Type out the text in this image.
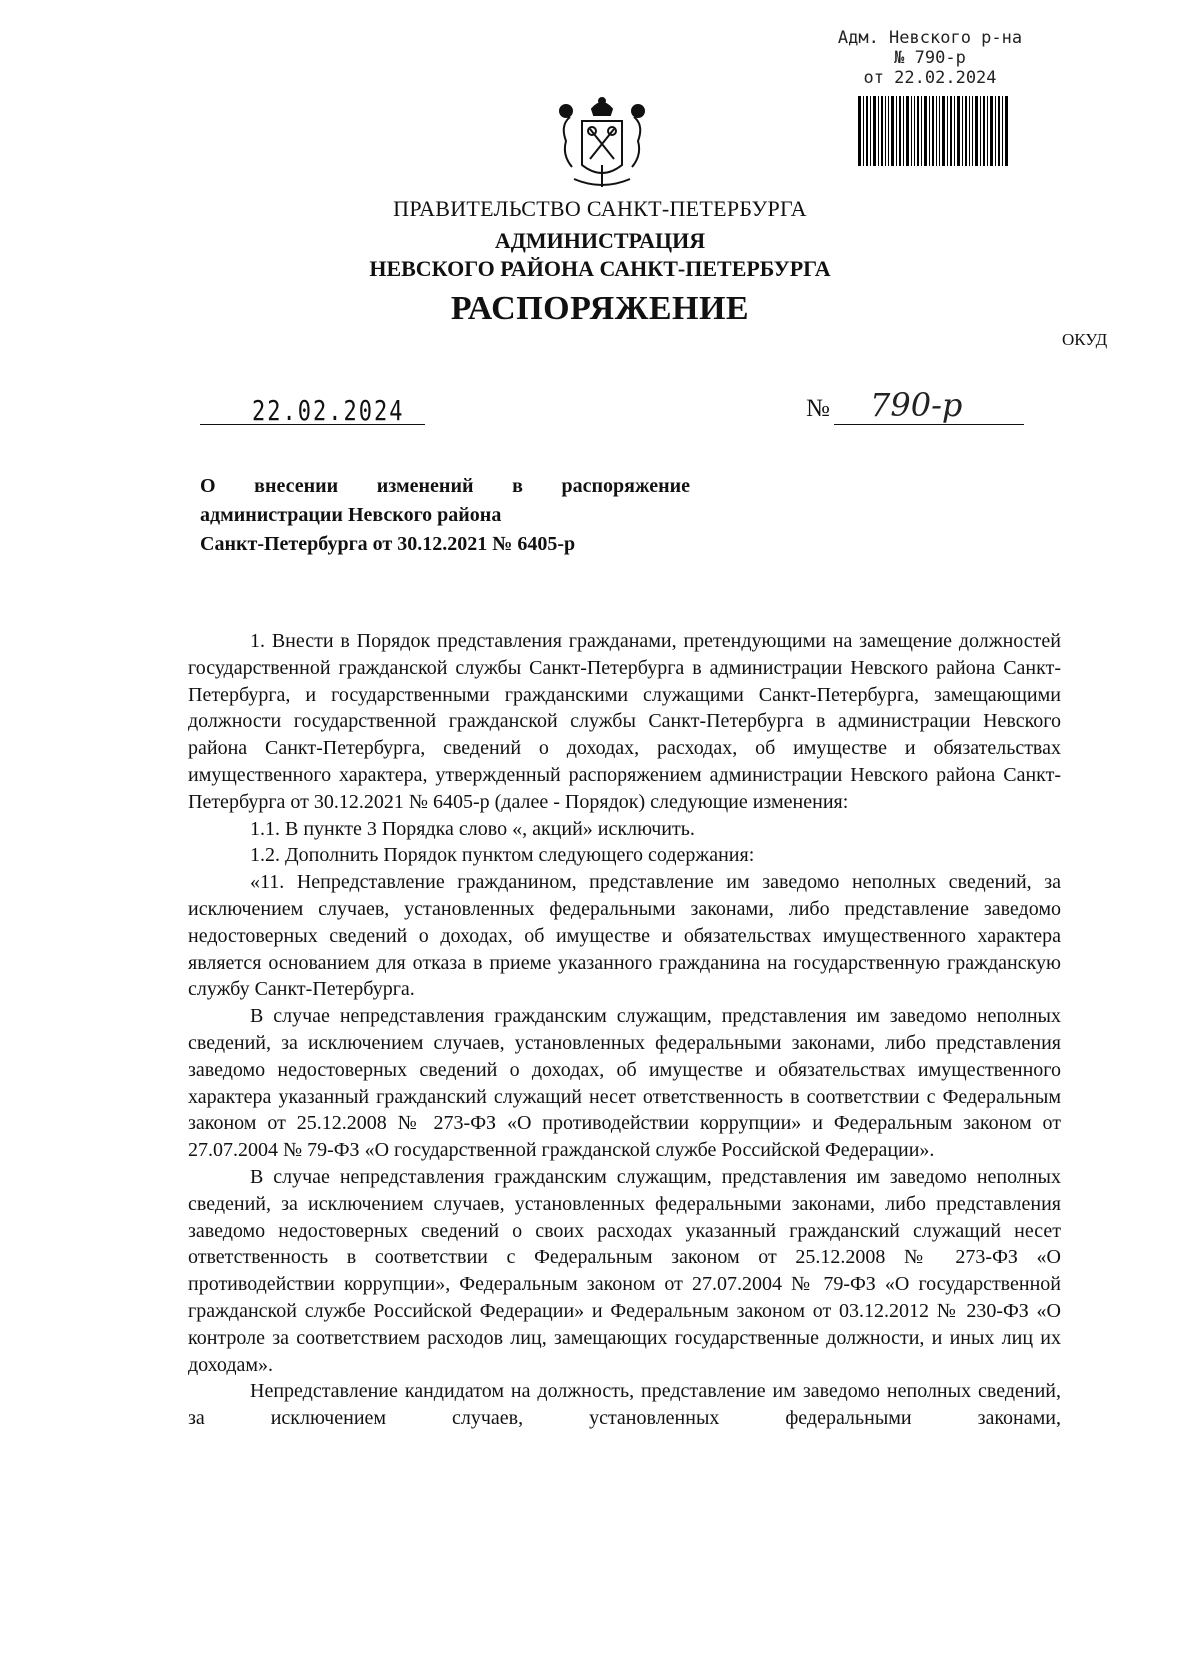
Адм. Невского р-на
№ 790-р
от 22.02.2024
ПРАВИТЕЛЬСТВО САНКТ-ПЕТЕРБУРГА
АДМИНИСТРАЦИЯ
НЕВСКОГО РАЙОНА САНКТ-ПЕТЕРБУРГА
РАСПОРЯЖЕНИЕ
ОКУД
22.02.2024	№ 790-р
О внесении изменений в распоряжение
администрации Невского района
Санкт-Петербурга от 30.12.2021 № 6405-р

1. Внести в Порядок представления гражданами, претендующими на замещение должностей государственной гражданской службы Санкт-Петербурга в администрации Невского района Санкт-Петербурга, и государственными гражданскими служащими Санкт-Петербурга, замещающими должности государственной гражданской службы Санкт-Петербурга в администрации Невского района Санкт-Петербурга, сведений о доходах, расходах, об имуществе и обязательствах имущественного характера, утвержденный распоряжением администрации Невского района Санкт-Петербурга от 30.12.2021 № 6405-р (далее - Порядок) следующие изменения:

1.1. В пункте 3 Порядка слово «, акций» исключить.

1.2. Дополнить Порядок пунктом следующего содержания:

«11. Непредставление гражданином, представление им заведомо неполных сведений, за исключением случаев, установленных федеральными законами, либо представление заведомо недостоверных сведений о доходах, об имуществе и обязательствах имущественного характера является основанием для отказа в приеме указанного гражданина на государственную гражданскую службу Санкт-Петербурга.

В случае непредставления гражданским служащим, представления им заведомо неполных сведений, за исключением случаев, установленных федеральными законами, либо представления заведомо недостоверных сведений о доходах, об имуществе и обязательствах имущественного характера указанный гражданский служащий несет ответственность в соответствии с Федеральным законом от 25.12.2008 № 273-ФЗ «О противодействии коррупции» и Федеральным законом от 27.07.2004 № 79-ФЗ «О государственной гражданской службе Российской Федерации».

В случае непредставления гражданским служащим, представления им заведомо неполных сведений, за исключением случаев, установленных федеральными законами, либо представления заведомо недостоверных сведений о своих расходах указанный гражданский служащий несет ответственность в соответствии с Федеральным законом от 25.12.2008 № 273-ФЗ «О противодействии коррупции», Федеральным законом от 27.07.2004 № 79-ФЗ «О государственной гражданской службе Российской Федерации» и Федеральным законом от 03.12.2012 № 230-ФЗ «О контроле за соответствием расходов лиц, замещающих государственные должности, и иных лиц их доходам».

Непредставление кандидатом на должность, представление им заведомо неполных сведений, за исключением случаев, установленных федеральными законами,
